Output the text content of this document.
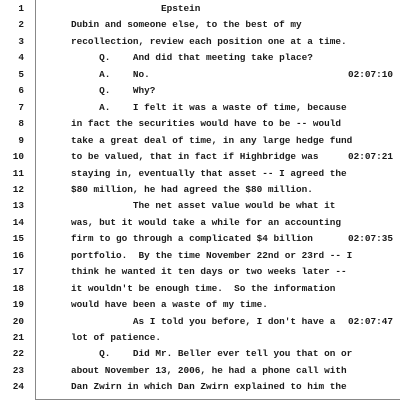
1	Epstein
2	Dubin and someone else, to the best of my
3	recollection, review each position one at a time.
4	Q.    And did that meeting take place?
5	A.    No.	02:07:10
6	Q.    Why?
7	A.    I felt it was a waste of time, because
8	in fact the securities would have to be -- would
9	take a great deal of time, in any large hedge fund
10	to be valued, that in fact if Highbridge was	02:07:21
11	staying in, eventually that asset -- I agreed the
12	$80 million, he had agreed the $80 million.
13	The net asset value would be what it
14	was, but it would take a while for an accounting
15	firm to go through a complicated $4 billion	02:07:35
16	portfolio.  By the time November 22nd or 23rd -- I
17	think he wanted it ten days or two weeks later --
18	it wouldn't be enough time.  So the information
19	would have been a waste of my time.
20	As I told you before, I don't have a 02:07:47
21	lot of patience.
22	Q.    Did Mr. Beller ever tell you that on or
23	about November 13, 2006, he had a phone call with
24	Dan Zwirn in which Dan Zwirn explained to him the
